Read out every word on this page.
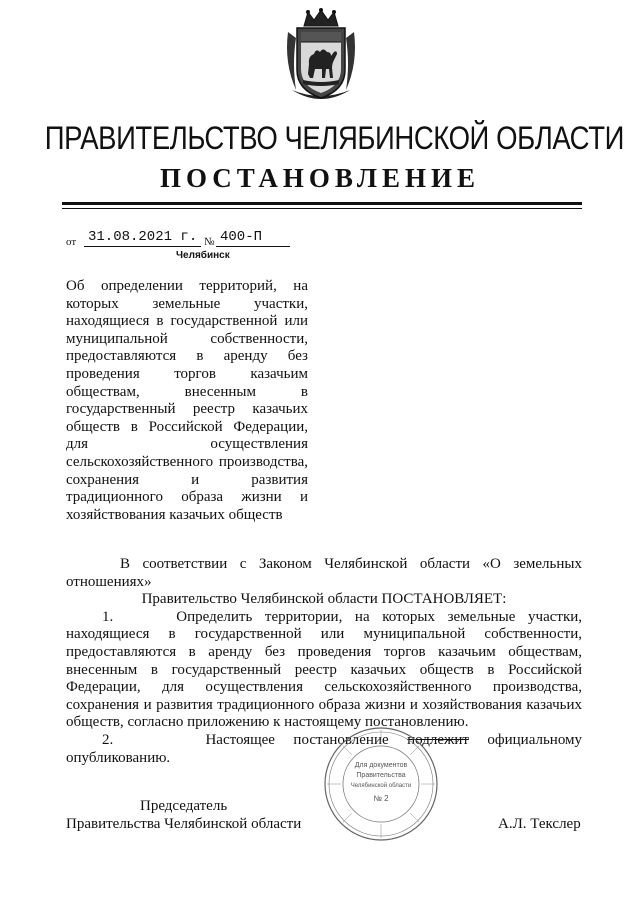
ПРАВИТЕЛЬСТВО ЧЕЛЯБИНСКОЙ ОБЛАСТИ
ПОСТАНОВЛЕНИЕ
от 31.08.2021 г. № 400-П
Челябинск
Об определении территорий, на
которых земельные участки,
находящиеся в государственной или
муниципальной собственности,
предоставляются в аренду без
проведения торгов казачьим
обществам, внесенным в
государственный реестр казачьих
обществ в Российской Федерации,
для осуществления
сельскохозяйственного производства,
сохранения и развития
традиционного образа жизни и
хозяйствования казачьих обществ
В соответствии с Законом Челябинской области «О земельных
отношениях»
Правительство Челябинской области ПОСТАНОВЛЯЕТ:
1.	Определить территории, на которых земельные участки,
находящиеся в государственной или муниципальной собственности,
предоставляются в аренду без проведения торгов казачьим обществам,
внесенным в государственный реестр казачьих обществ в Российской
Федерации, для осуществления сельскохозяйственного производства,
сохранения и развития традиционного образа жизни и хозяйствования казачьих
обществ, согласно приложению к настоящему постановлению.
2.	Настоящее постановление подлежит официальному
опубликованию.	Для документов
Правительства
Челябинской области
№ 2
Председатель
Правительства Челябинской области	А.Л. Текслер
